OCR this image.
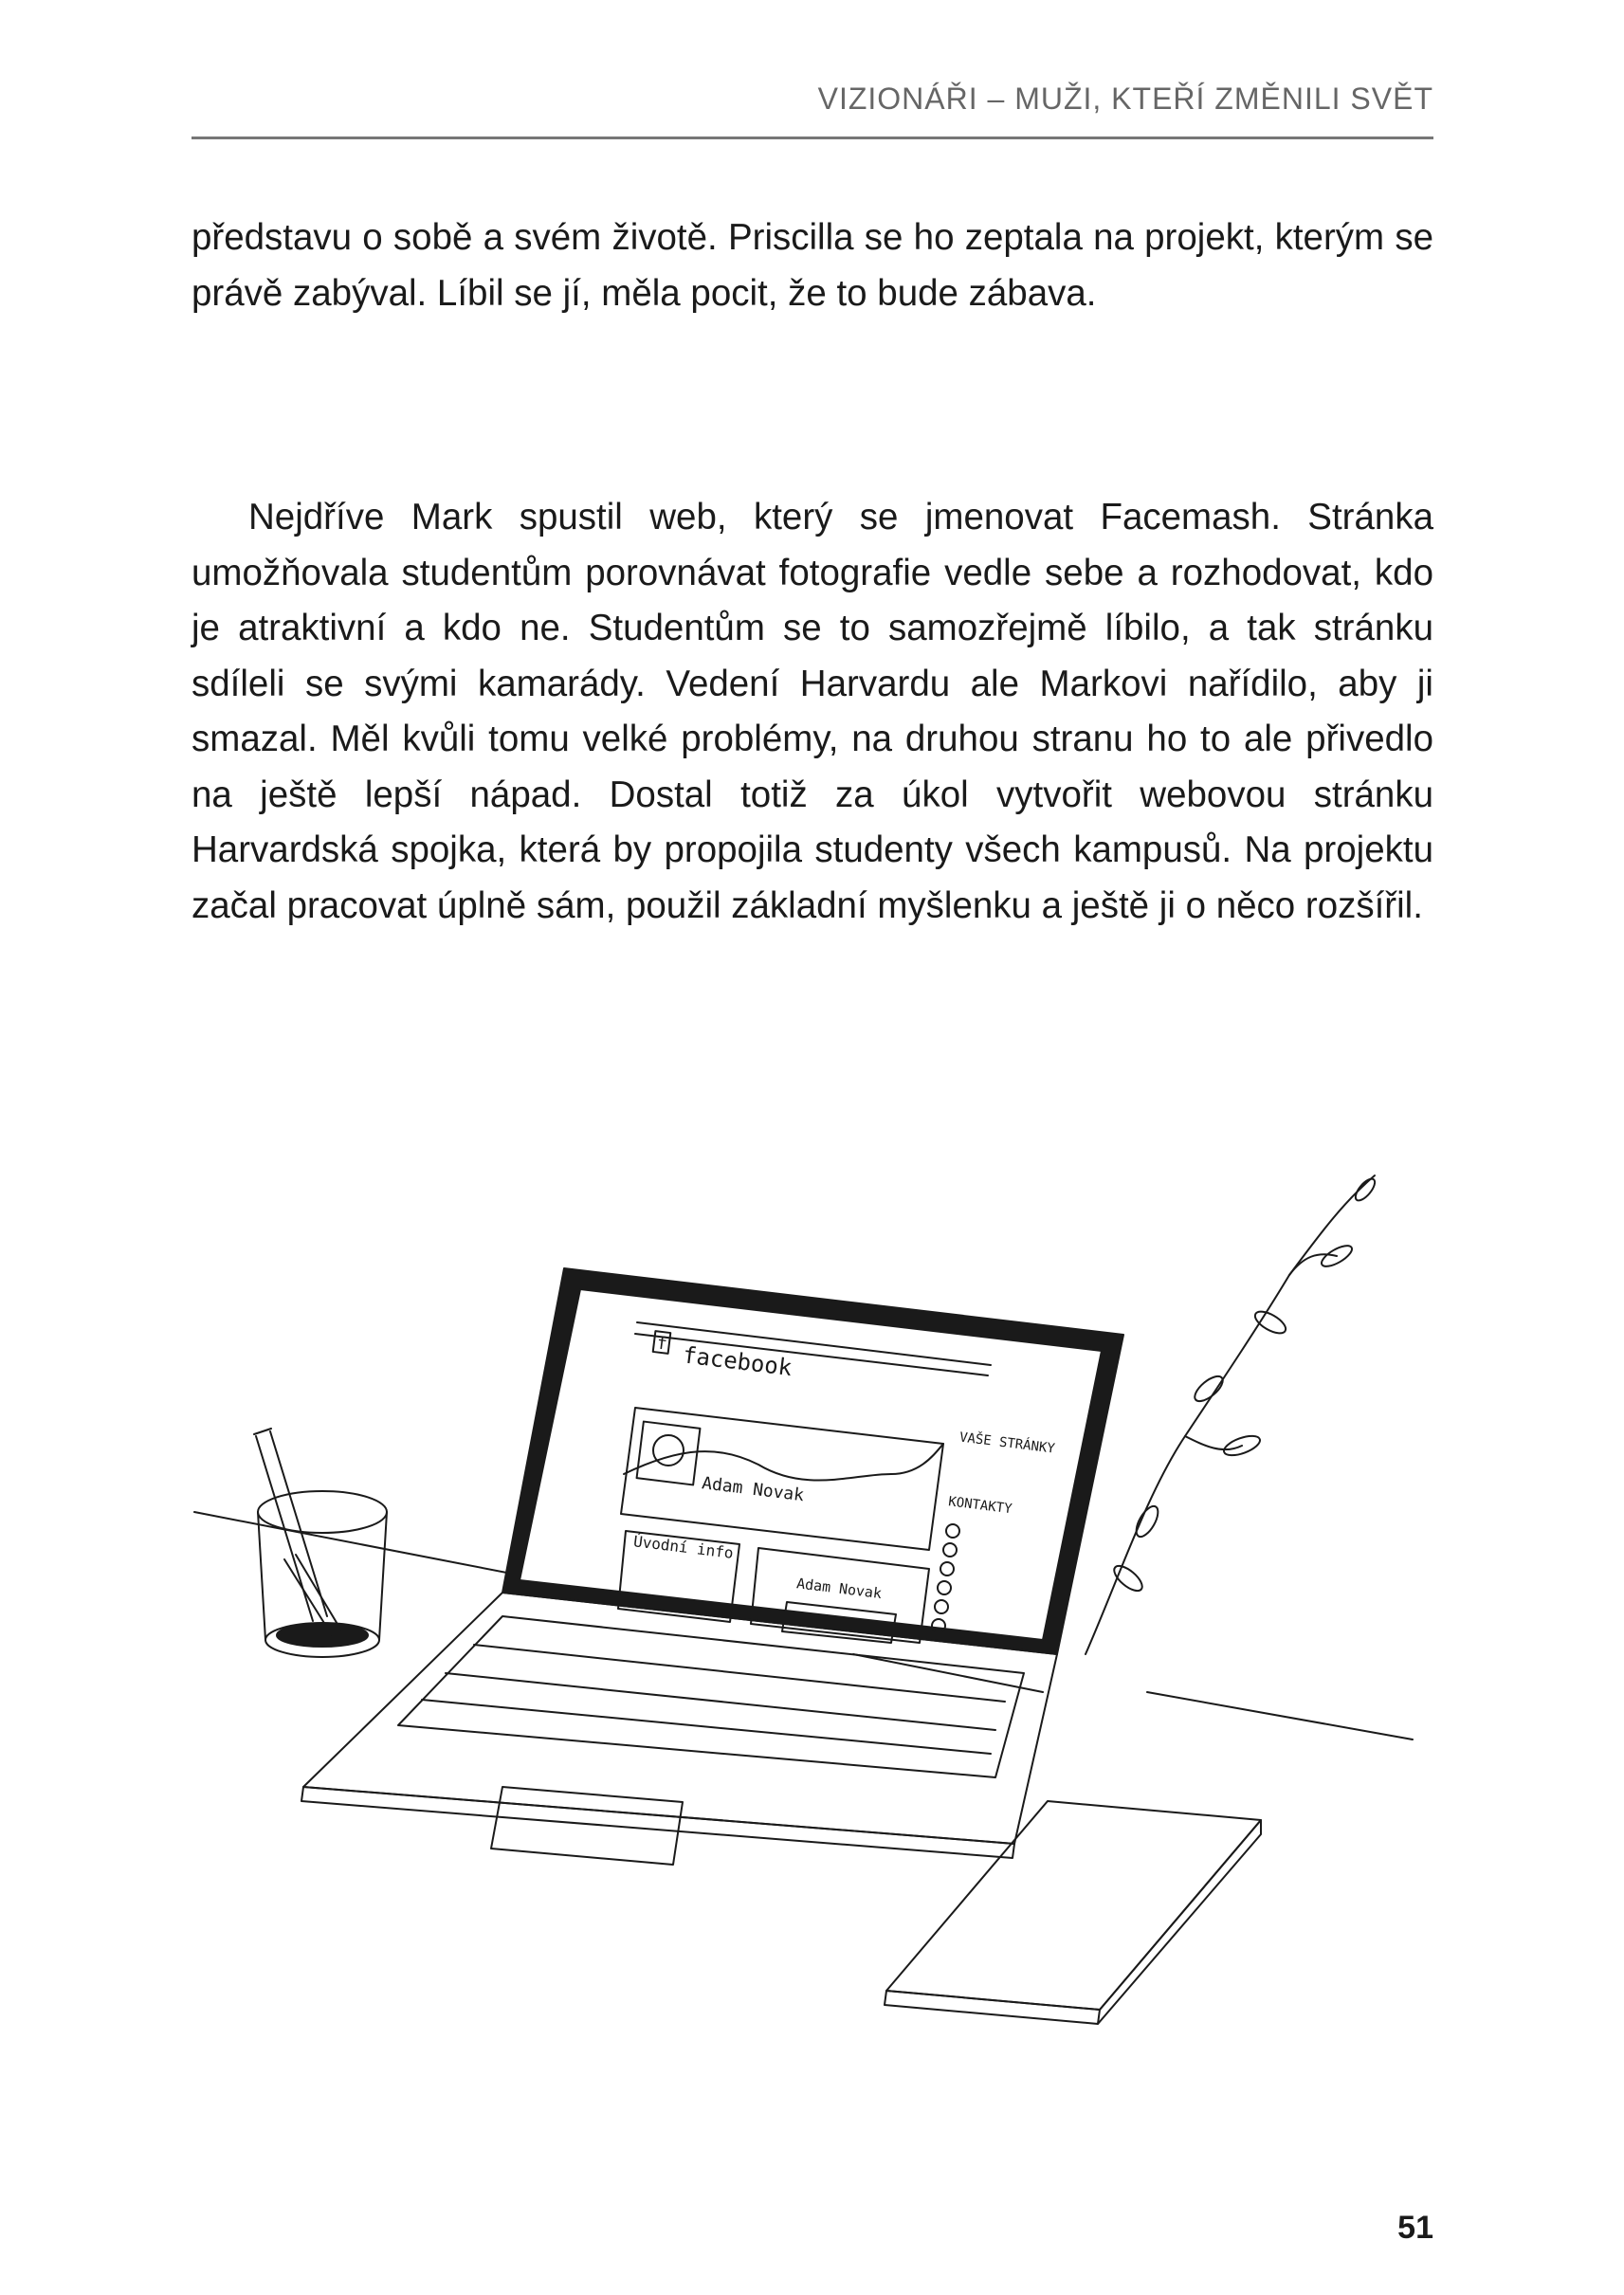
VIZIONÁŘI – MUŽI, KTEŘÍ ZMĚNILI SVĚT

představu o sobě a svém životě. Priscilla se ho zeptala na projekt, kterým se právě zabýval. Líbil se jí, měla pocit, že to bude zábava.

Nejdříve Mark spustil web, který se jmenovat Facemash. Stránka umožňovala studentům porovnávat fotografie vedle sebe a rozhodovat, kdo je atraktivní a kdo ne. Studentům se to samozřejmě líbilo, a tak stránku sdíleli se svými kamarády. Vedení Harvardu ale Markovi nařídilo, aby ji smazal. Měl kvůli tomu velké problémy, na druhou stranu ho to ale přivedlo na ještě lepší nápad. Dostal totiž za úkol vytvořit webovou stránku Harvardská spojka, která by propojila studenty všech kampusů. Na projektu začal pracovat úplně sám, použil základní myšlenku a ještě ji o něco rozšířil.

f facebook
Adam Novak
Úvodní info
Adam Novak
VAŠE STRÁNKY
KONTAKTY
51
